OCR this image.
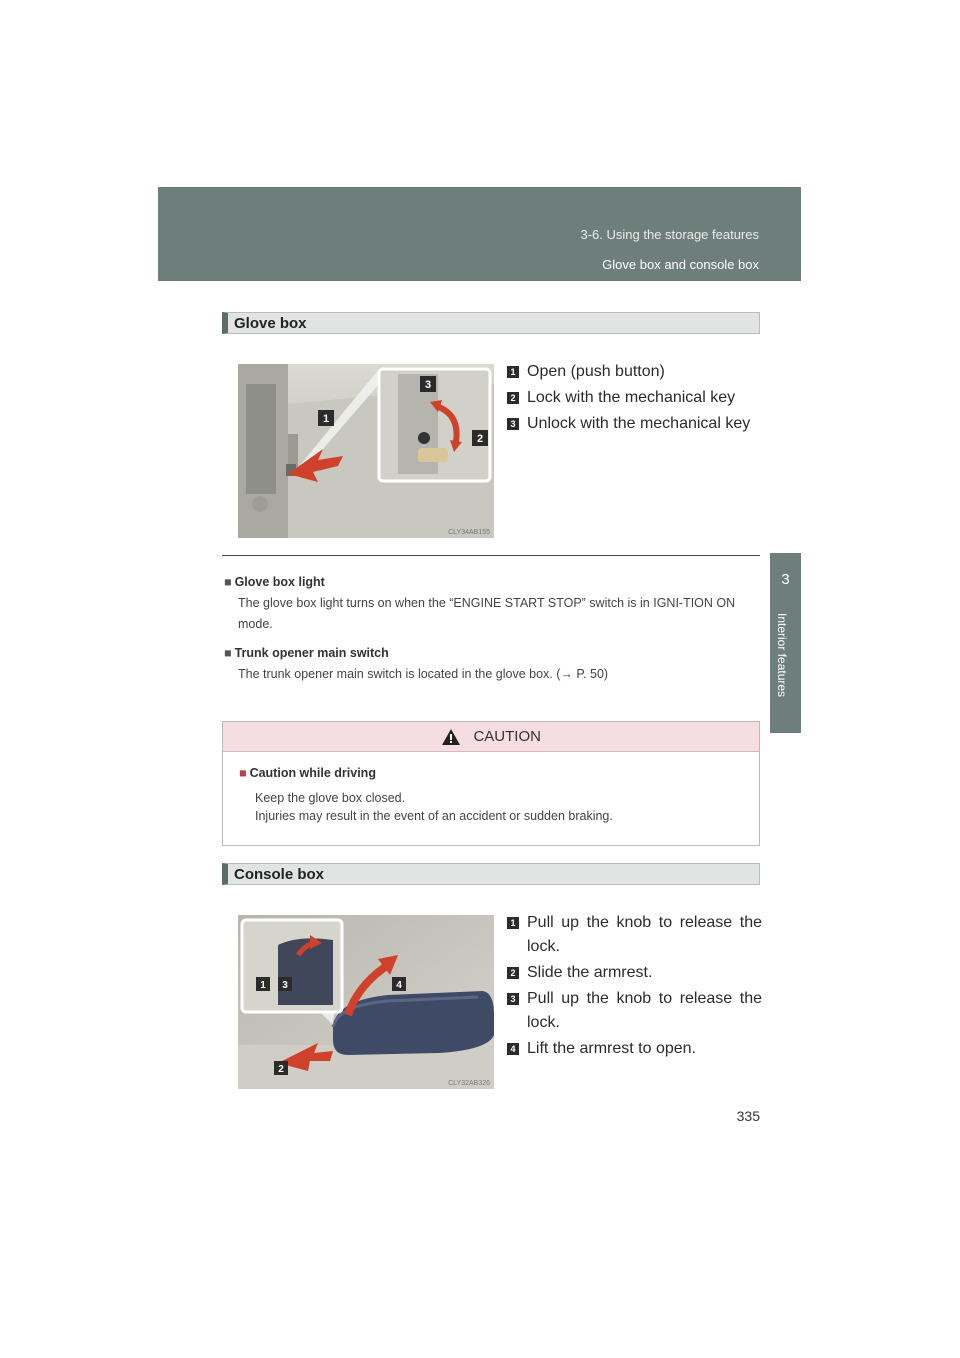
3-6. Using the storage features
Glove box and console box
3
Interior features
Glove box
1
2
3
CLY34AB155
1 Open (push button)
2 Lock with the mechanical key
3 Unlock with the mechanical key
■ Glove box light
The glove box light turns on when the “ENGINE START STOP” switch is in IGNI-TION ON mode.
■ Trunk opener main switch
The trunk opener main switch is located in the glove box. (→ P. 50)
CAUTION
■ Caution while driving
Keep the glove box closed.
Injuries may result in the event of an accident or sudden braking.
Console box
1 3
2
4
CLY32AB326
1 Pull up the knob to release the lock.
2 Slide the armrest.
3 Pull up the knob to release the lock.
4 Lift the armrest to open.
335
